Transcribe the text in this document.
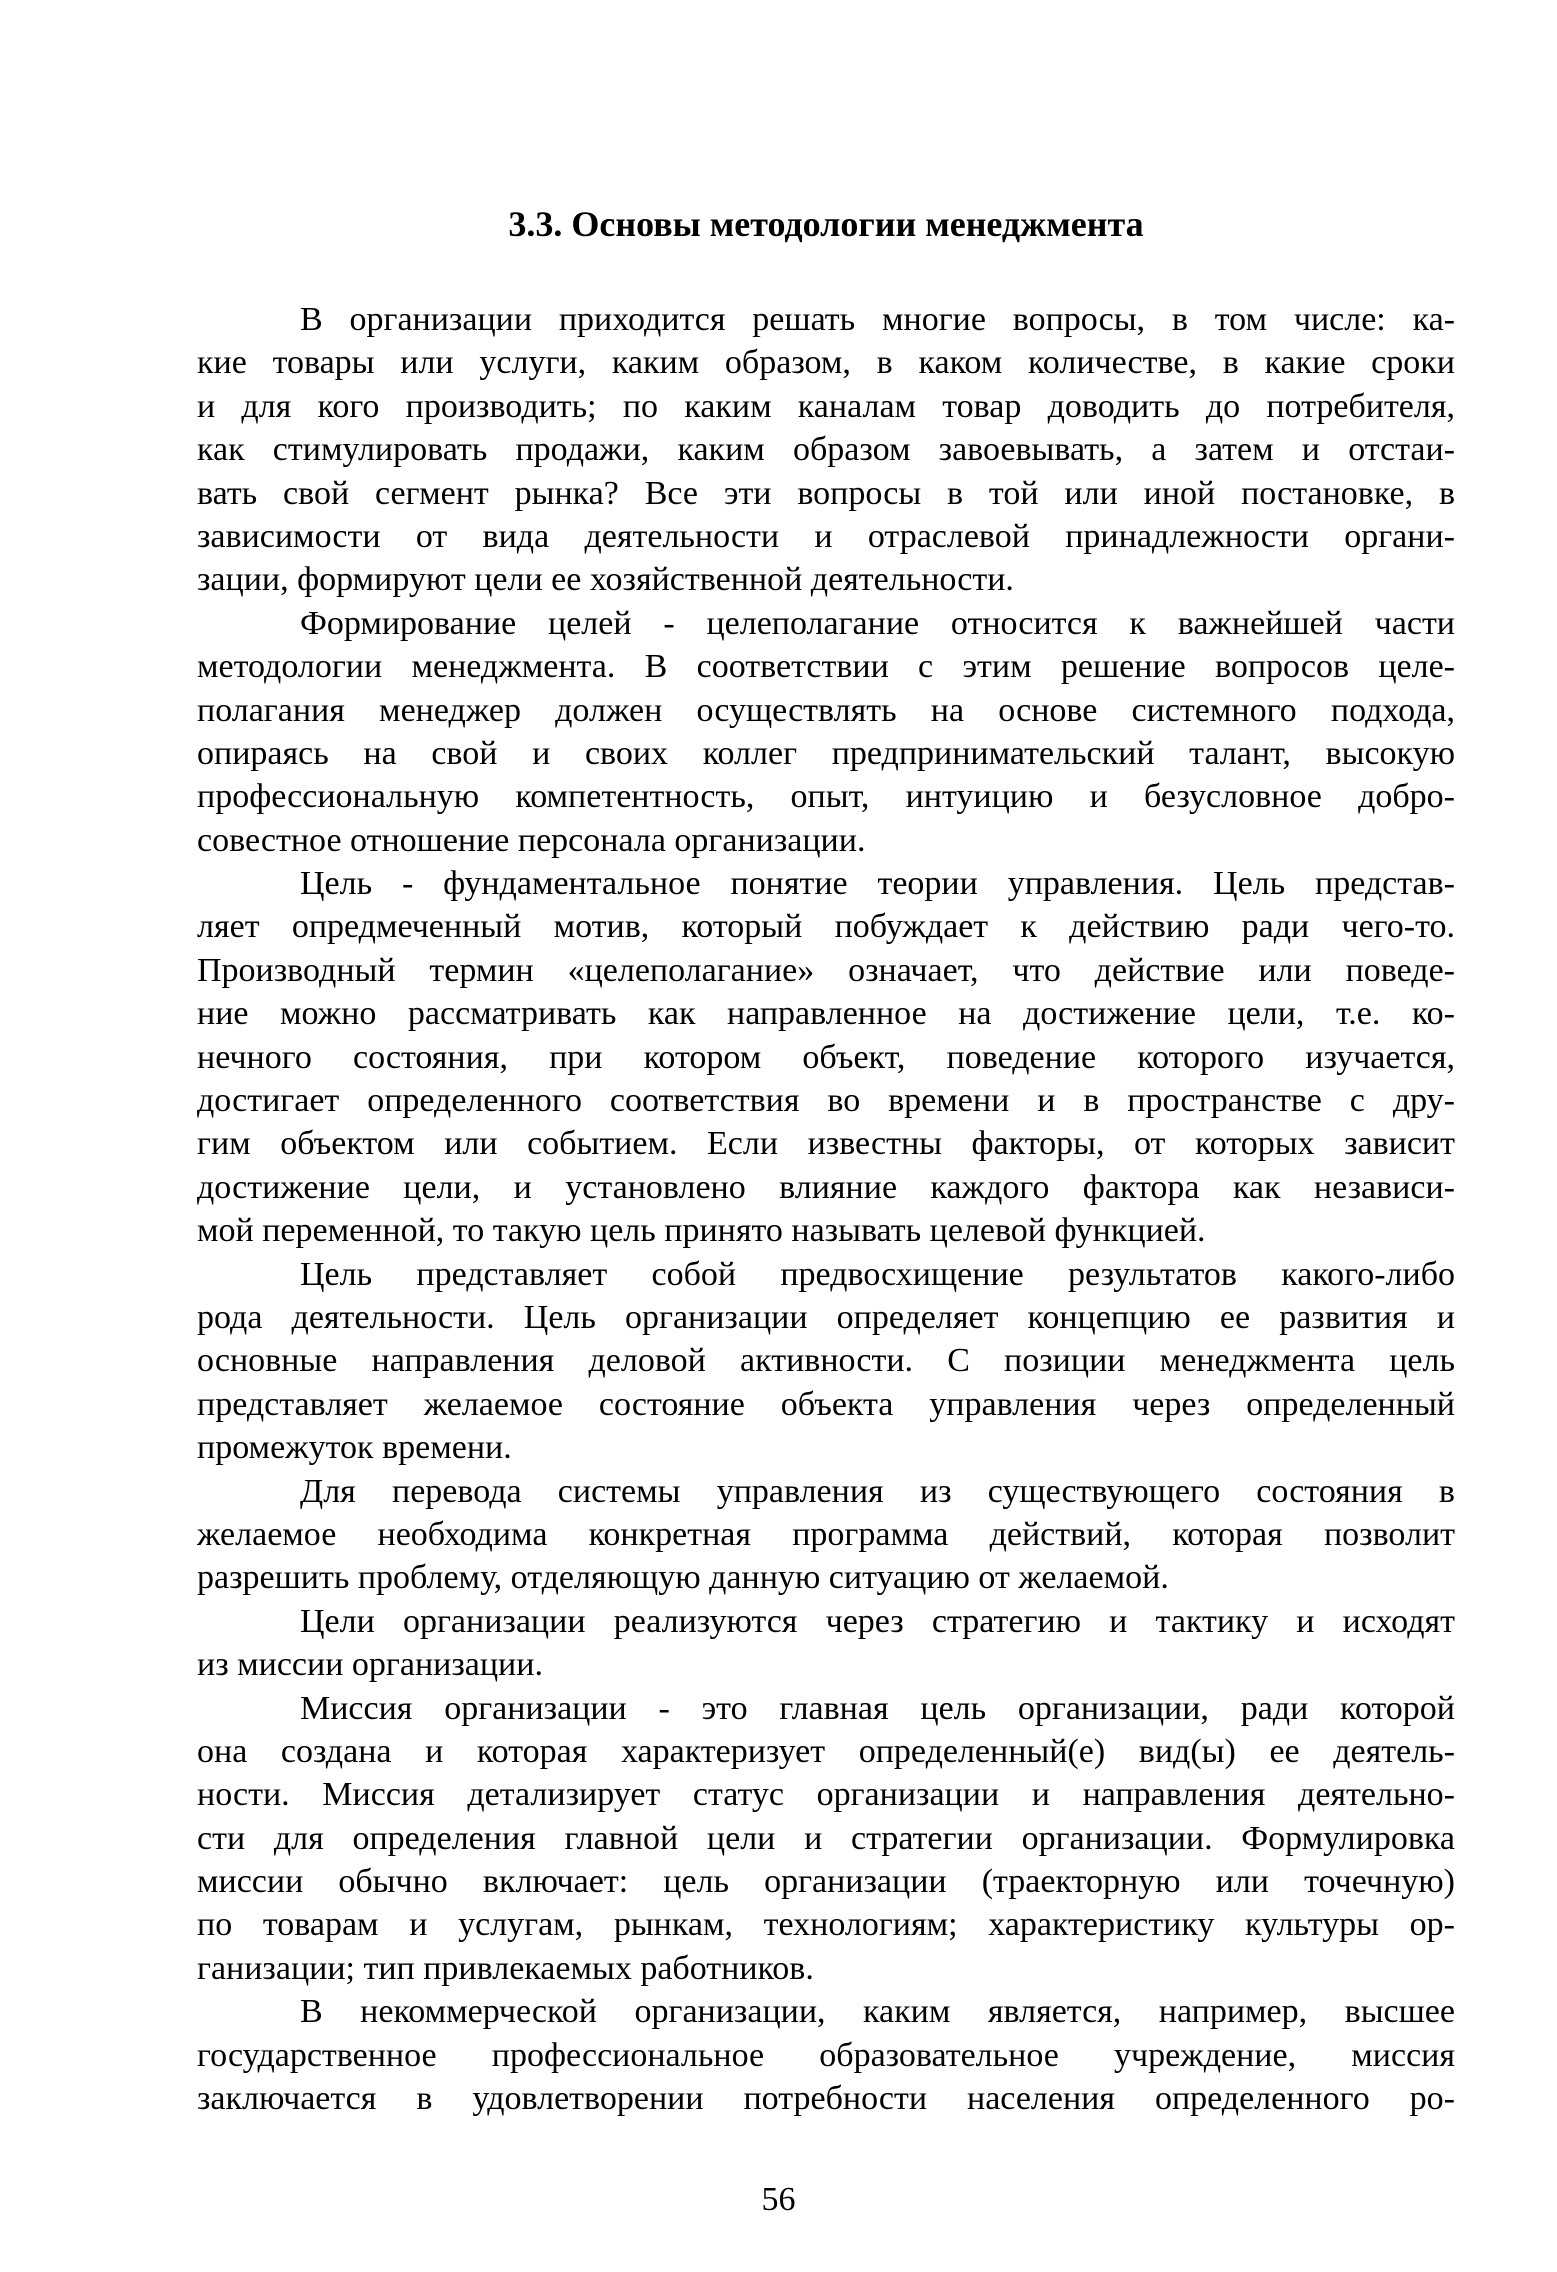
3.3. Основы методологии менеджмента
В организации приходится решать многие вопросы, в том числе: ка-
кие товары или услуги, каким образом, в каком количестве, в какие сроки
и для кого производить; по каким каналам товар доводить до потребителя,
как стимулировать продажи, каким образом завоевывать, а затем и отстаи-
вать свой сегмент рынка? Все эти вопросы в той или иной постановке, в
зависимости от вида деятельности и отраслевой принадлежности органи-
зации, формируют цели ее хозяйственной деятельности.
Формирование целей - целеполагание относится к важнейшей части
методологии менеджмента. В соответствии с этим решение вопросов целе-
полагания менеджер должен осуществлять на основе системного подхода,
опираясь на свой и своих коллег предпринимательский талант, высокую
профессиональную компетентность, опыт, интуицию и безусловное добро-
совестное отношение персонала организации.
Цель - фундаментальное понятие теории управления. Цель представ-
ляет опредмеченный мотив, который побуждает к действию ради чего-то.
Производный термин «целеполагание» означает, что действие или поведе-
ние можно рассматривать как направленное на достижение цели, т.е. ко-
нечного состояния, при котором объект, поведение которого изучается,
достигает определенного соответствия во времени и в пространстве с дру-
гим объектом или событием. Если известны факторы, от которых зависит
достижение цели, и установлено влияние каждого фактора как независи-
мой переменной, то такую цель принято называть целевой функцией.
Цель представляет собой предвосхищение результатов какого-либо
рода деятельности. Цель организации определяет концепцию ее развития и
основные направления деловой активности. С позиции менеджмента цель
представляет желаемое состояние объекта управления через определенный
промежуток времени.
Для перевода системы управления из существующего состояния в
желаемое необходима конкретная программа действий, которая позволит
разрешить проблему, отделяющую данную ситуацию от желаемой.
Цели организации реализуются через стратегию и тактику и исходят
из миссии организации.
Миссия организации - это главная цель организации, ради которой
она создана и которая характеризует определенный(е) вид(ы) ее деятель-
ности. Миссия детализирует статус организации и направления деятельно-
сти для определения главной цели и стратегии организации. Формулировка
миссии обычно включает: цель организации (траекторную или точечную)
по товарам и услугам, рынкам, технологиям; характеристику культуры ор-
ганизации; тип привлекаемых работников.
В некоммерческой организации, каким является, например, высшее
государственное профессиональное образовательное учреждение, миссия
заключается в удовлетворении потребности населения определенного ро-
56
